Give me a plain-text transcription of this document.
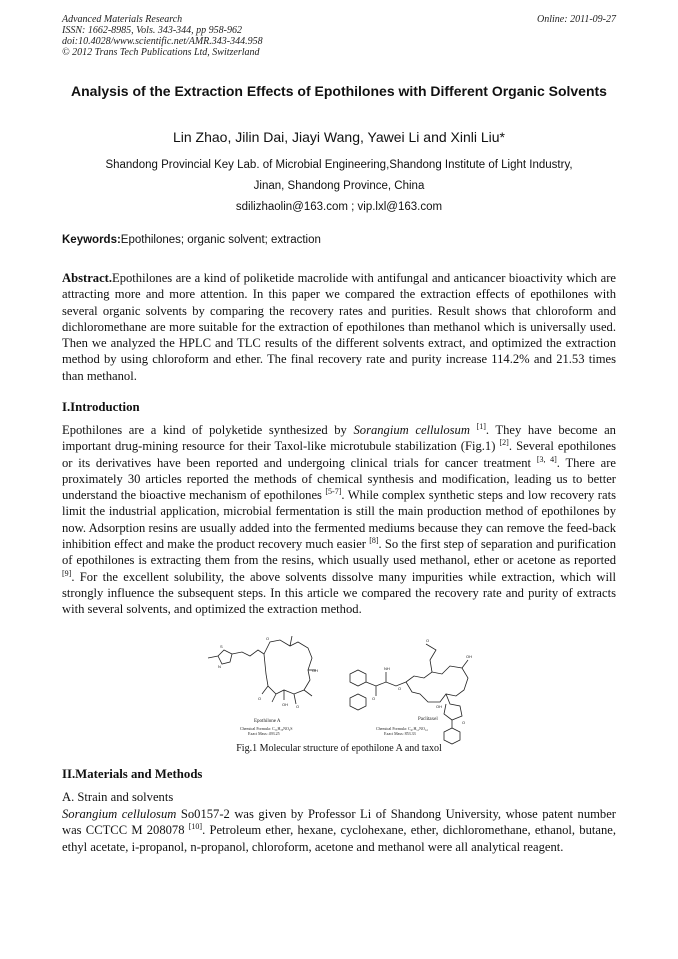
Advanced Materials Research
ISSN: 1662-8985, Vols. 343-344, pp 958-962
doi:10.4028/www.scientific.net/AMR.343-344.958
© 2012 Trans Tech Publications Ltd, Switzerland
Online: 2011-09-27
Analysis of the Extraction Effects of Epothilones with Different Organic Solvents
Lin Zhao, Jilin Dai, Jiayi Wang, Yawei Li and Xinli Liu*
Shandong Provincial Key Lab. of Microbial Engineering,Shandong Institute of Light Industry,
Jinan, Shandong Province, China
sdilizhaolin@163.com ; vip.lxl@163.com
Keywords:Epothilones; organic solvent; extraction
Abstract.Epothilones are a kind of poliketide macrolide with antifungal and anticancer bioactivity which are attracting more and more attention. In this paper we compared the extraction effects of epothilones with several organic solvents by comparing the recovery rates and purities. Result shows that chloroform and dichloromethane are more suitable for the extraction of epothilones than methanol which is universally used. Then we analyzed the HPLC and TLC results of the different solvents extract, and optimized the extraction method by using chloroform and ether. The final recovery rate and purity increase 114.2% and 21.53 times than methanol.
I.Introduction
Epothilones are a kind of polyketide synthesized by Sorangium cellulosum [1]. They have become an important drug-mining resource for their Taxol-like microtubule stabilization (Fig.1) [2]. Several epothilones or its derivatives have been reported and undergoing clinical trials for cancer treatment [3, 4]. There are proximately 30 articles reported the methods of chemical synthesis and modification, leading us to better understand the bioactive mechanism of epothilones [5-7]. While complex synthetic steps and low recovery rats limit the industrial application, microbial fermentation is still the main production method of epothilones by now. Adsorption resins are usually added into the fermented mediums because they can remove the feed-back inhibition effect and make the product recovery much easier [8]. So the first step of separation and purification of epothilones is extracting them from the resins, which usually used methanol, ether or acetone as reported [9]. For the excellent solubility, the above solvents dissolve many impurities while extraction, which will strongly influence the subsequent steps. In this article we compared the recovery rate and purity of extracts with several solvents, and optimized the extraction method.
S
N
O
O
OH
OH
O
O
NH
O
O
OH
OH
O
Epothilone A
Chemical Formula: C₂₆H₃₉NO₆S
Exact Mass: 493.25
Paclitaxel
Chemical Formula: C₄₇H₅₁NO₁₄
Exact Mass: 853.33
Fig.1 Molecular structure of epothilone A and taxol
II.Materials and Methods
A. Strain and solvents
Sorangium cellulosum So0157-2 was given by Professor Li of Shandong University, whose patent number was CCTCC M 208078 [10]. Petroleum ether, hexane, cyclohexane, ether, dichloromethane, ethanol, butane, ethyl acetate, i-propanol, n-propanol, chloroform, acetone and methanol were all analytical reagent.
